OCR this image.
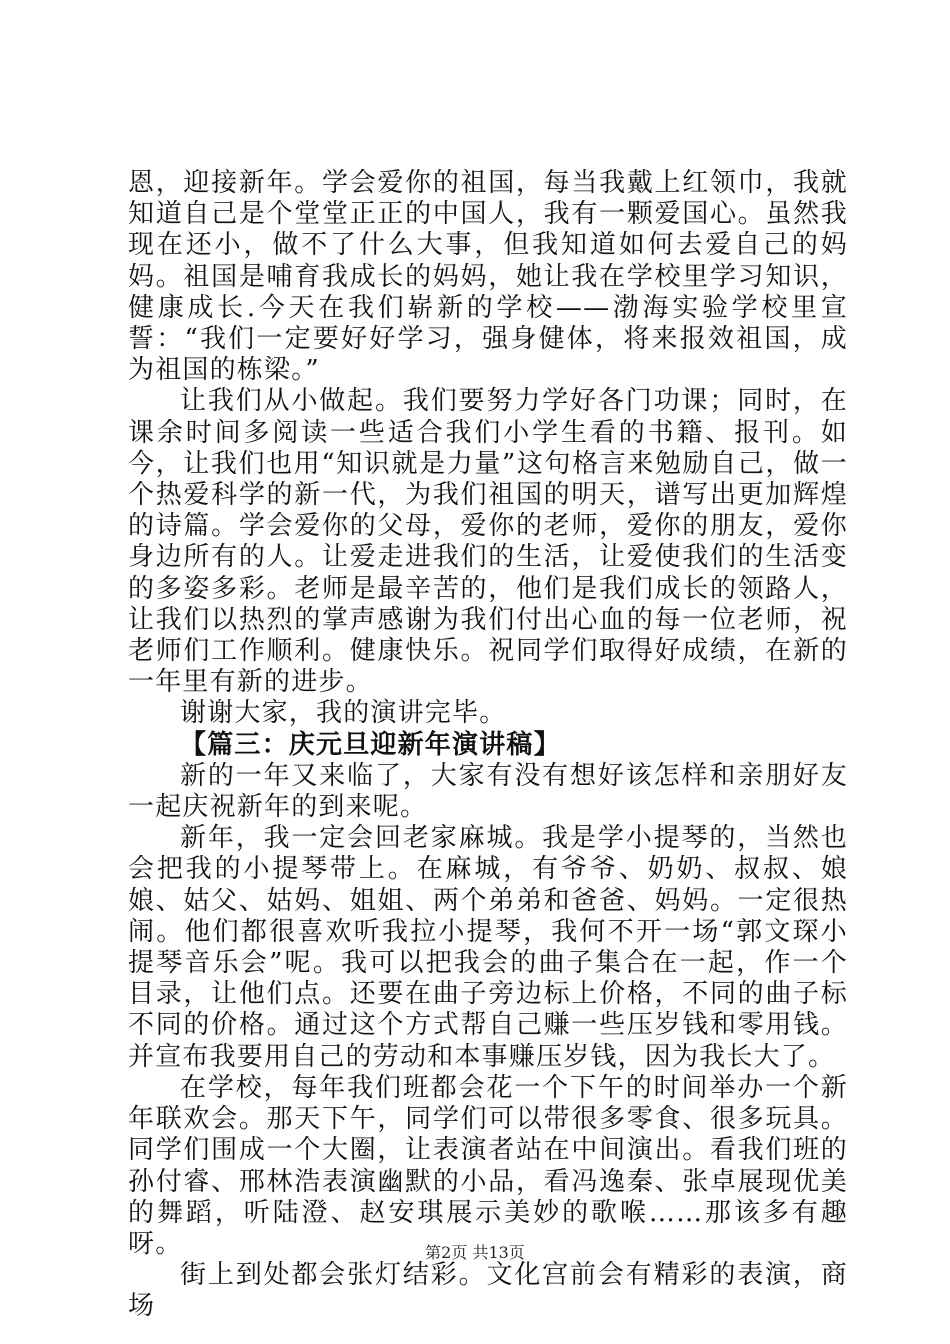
恩，迎接新年。学会爱你的祖国，每当我戴上红领巾，我就知道自己是个堂堂正正的中国人，我有一颗爱国心。虽然我现在还小，做不了什么大事，但我知道如何去爱自己的妈妈。祖国是哺育我成长的妈妈，她让我在学校里学习知识，健康成长.今天在我们崭新的学校——渤海实验学校里宣誓：“我们一定要好好学习，强身健体，将来报效祖国，成为祖国的栋梁。”

让我们从小做起。我们要努力学好各门功课；同时，在课余时间多阅读一些适合我们小学生看的书籍、报刊。如今，让我们也用“知识就是力量”这句格言来勉励自己，做一个热爱科学的新一代，为我们祖国的明天，谱写出更加辉煌的诗篇。学会爱你的父母，爱你的老师，爱你的朋友，爱你身边所有的人。让爱走进我们的生活，让爱使我们的生活变的多姿多彩。老师是最辛苦的，他们是我们成长的领路人，让我们以热烈的掌声感谢为我们付出心血的每一位老师，祝老师们工作顺利。健康快乐。祝同学们取得好成绩，在新的一年里有新的进步。

谢谢大家，我的演讲完毕。

【篇三：庆元旦迎新年演讲稿】

新的一年又来临了，大家有没有想好该怎样和亲朋好友一起庆祝新年的到来呢。

新年，我一定会回老家麻城。我是学小提琴的，当然也会把我的小提琴带上。在麻城，有爷爷、奶奶、叔叔、娘娘、姑父、姑妈、姐姐、两个弟弟和爸爸、妈妈。一定很热闹。他们都很喜欢听我拉小提琴，我何不开一场“郭文琛小提琴音乐会”呢。我可以把我会的曲子集合在一起，作一个目录，让他们点。还要在曲子旁边标上价格，不同的曲子标不同的价格。通过这个方式帮自己赚一些压岁钱和零用钱。并宣布我要用自己的劳动和本事赚压岁钱，因为我长大了。

在学校，每年我们班都会花一个下午的时间举办一个新年联欢会。那天下午，同学们可以带很多零食、很多玩具。同学们围成一个大圈，让表演者站在中间演出。看我们班的孙付睿、邢林浩表演幽默的小品，看冯逸秦、张卓展现优美的舞蹈，听陆澄、赵安琪展示美妙的歌喉……那该多有趣呀。

街上到处都会张灯结彩。文化宫前会有精彩的表演，商场

第2页 共13页
